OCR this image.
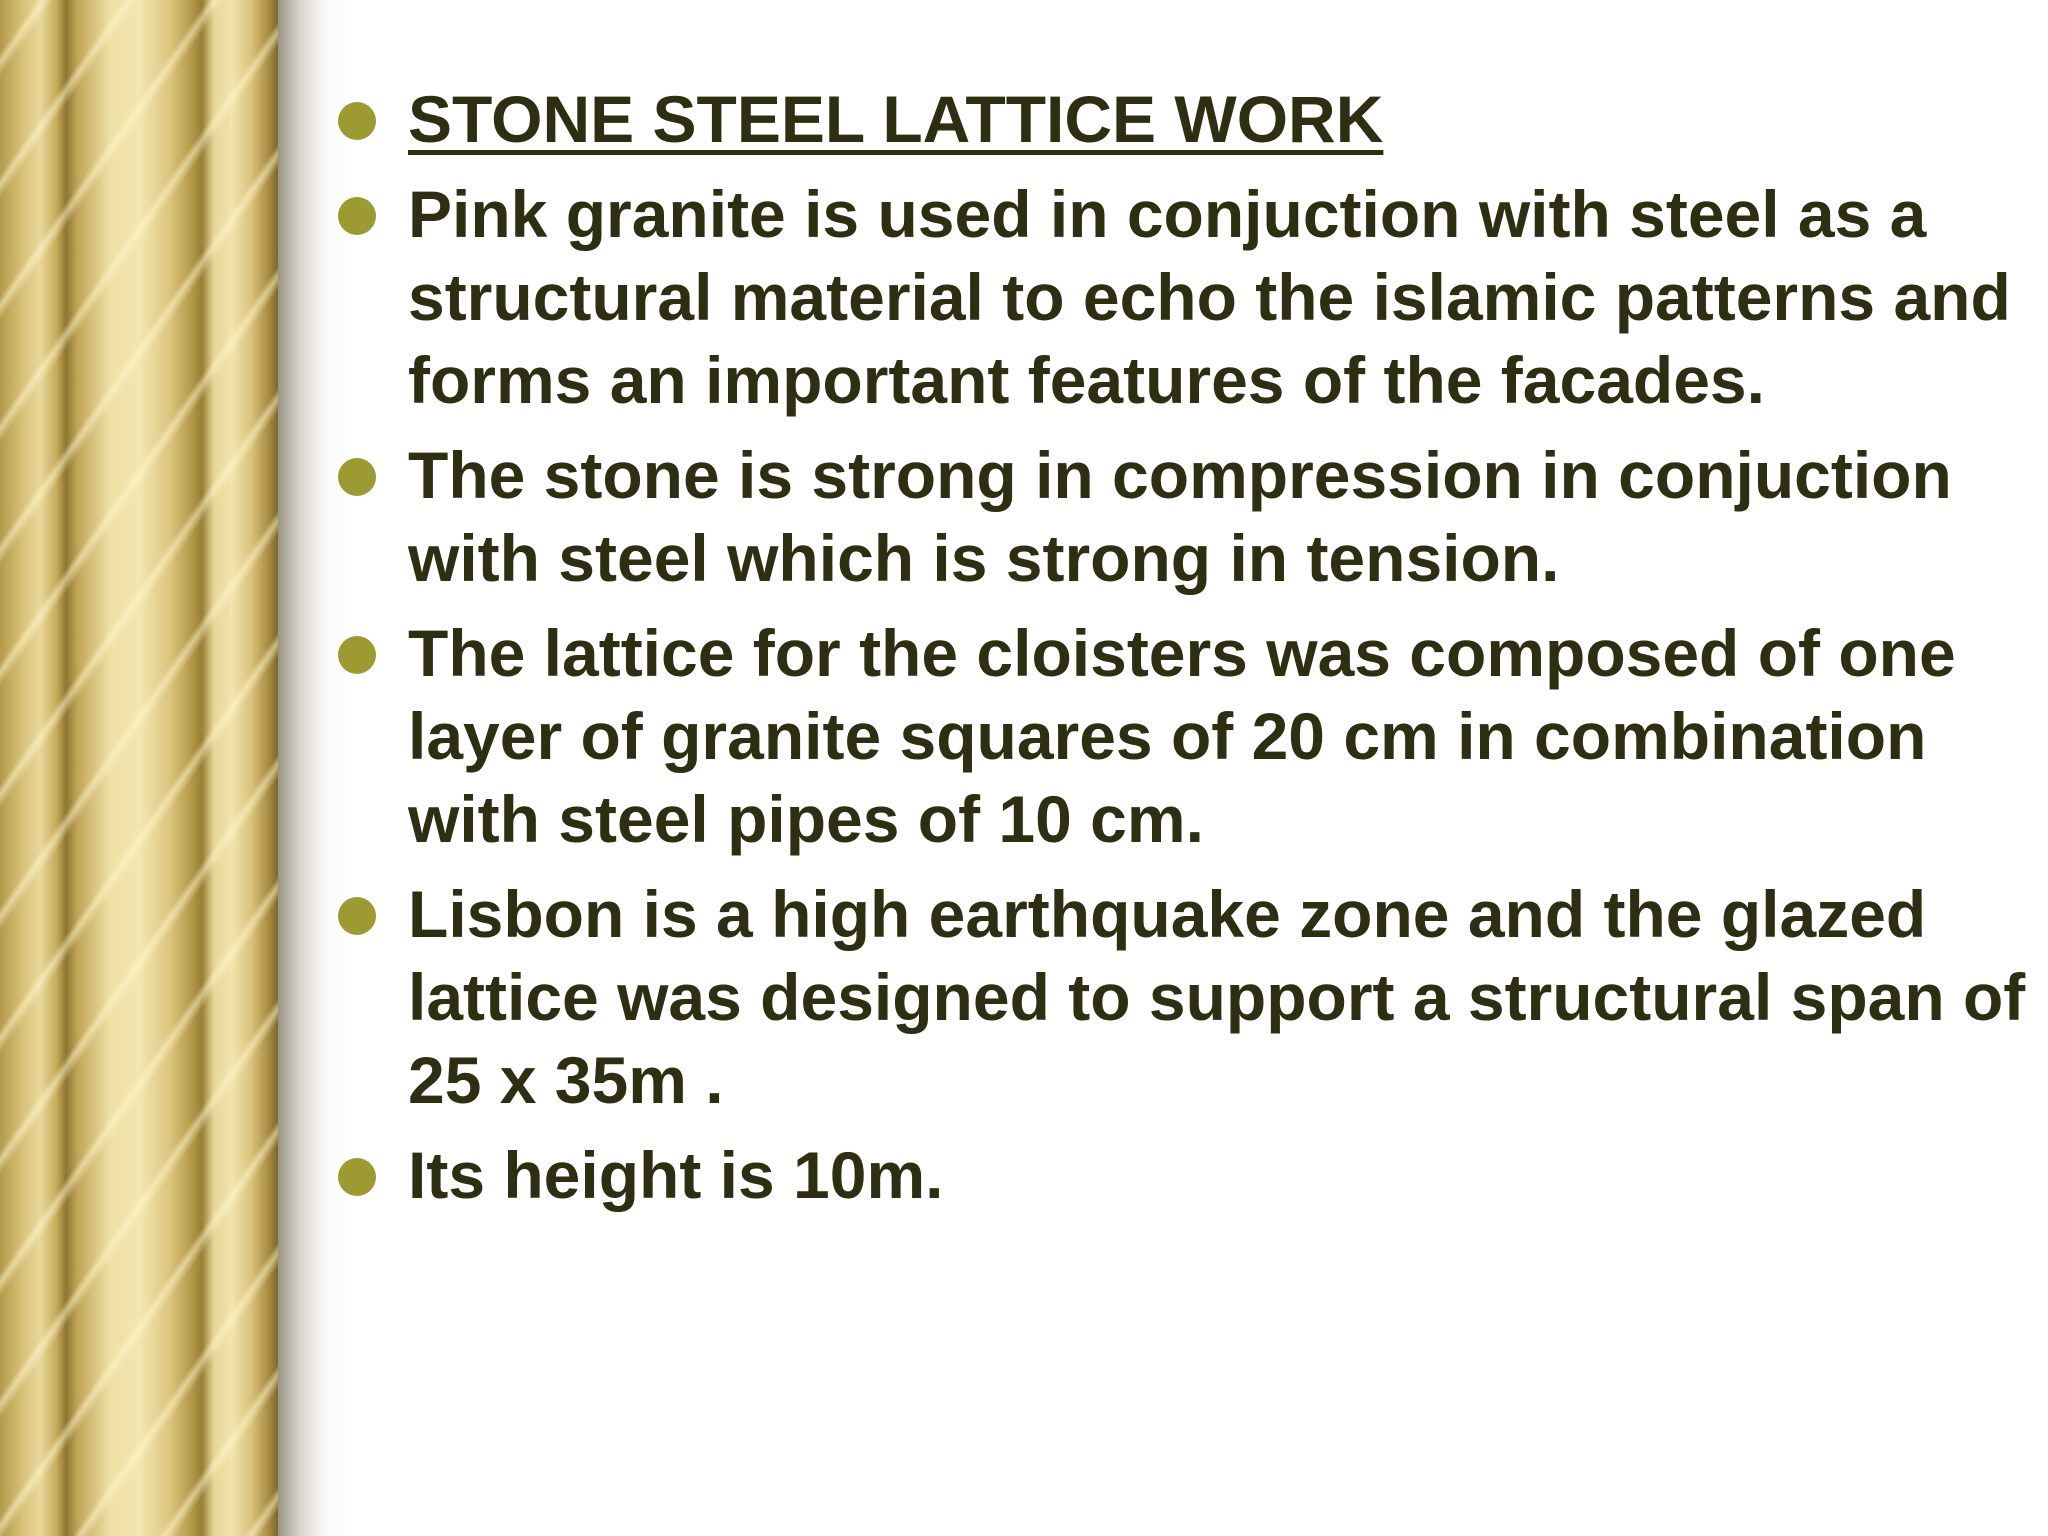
STONE STEEL LATTICE WORK
Pink granite is used in conjuction with steel as a structural material to echo the islamic patterns and forms an important features of the facades.
The stone is strong in compression in conjuction with steel which is strong in tension.
The lattice for the cloisters was composed of one layer of granite squares of 20 cm in combination with steel pipes of 10 cm.
Lisbon is a high earthquake zone and the glazed lattice was designed to support a structural span of 25 x 35m .
Its height is 10m.
